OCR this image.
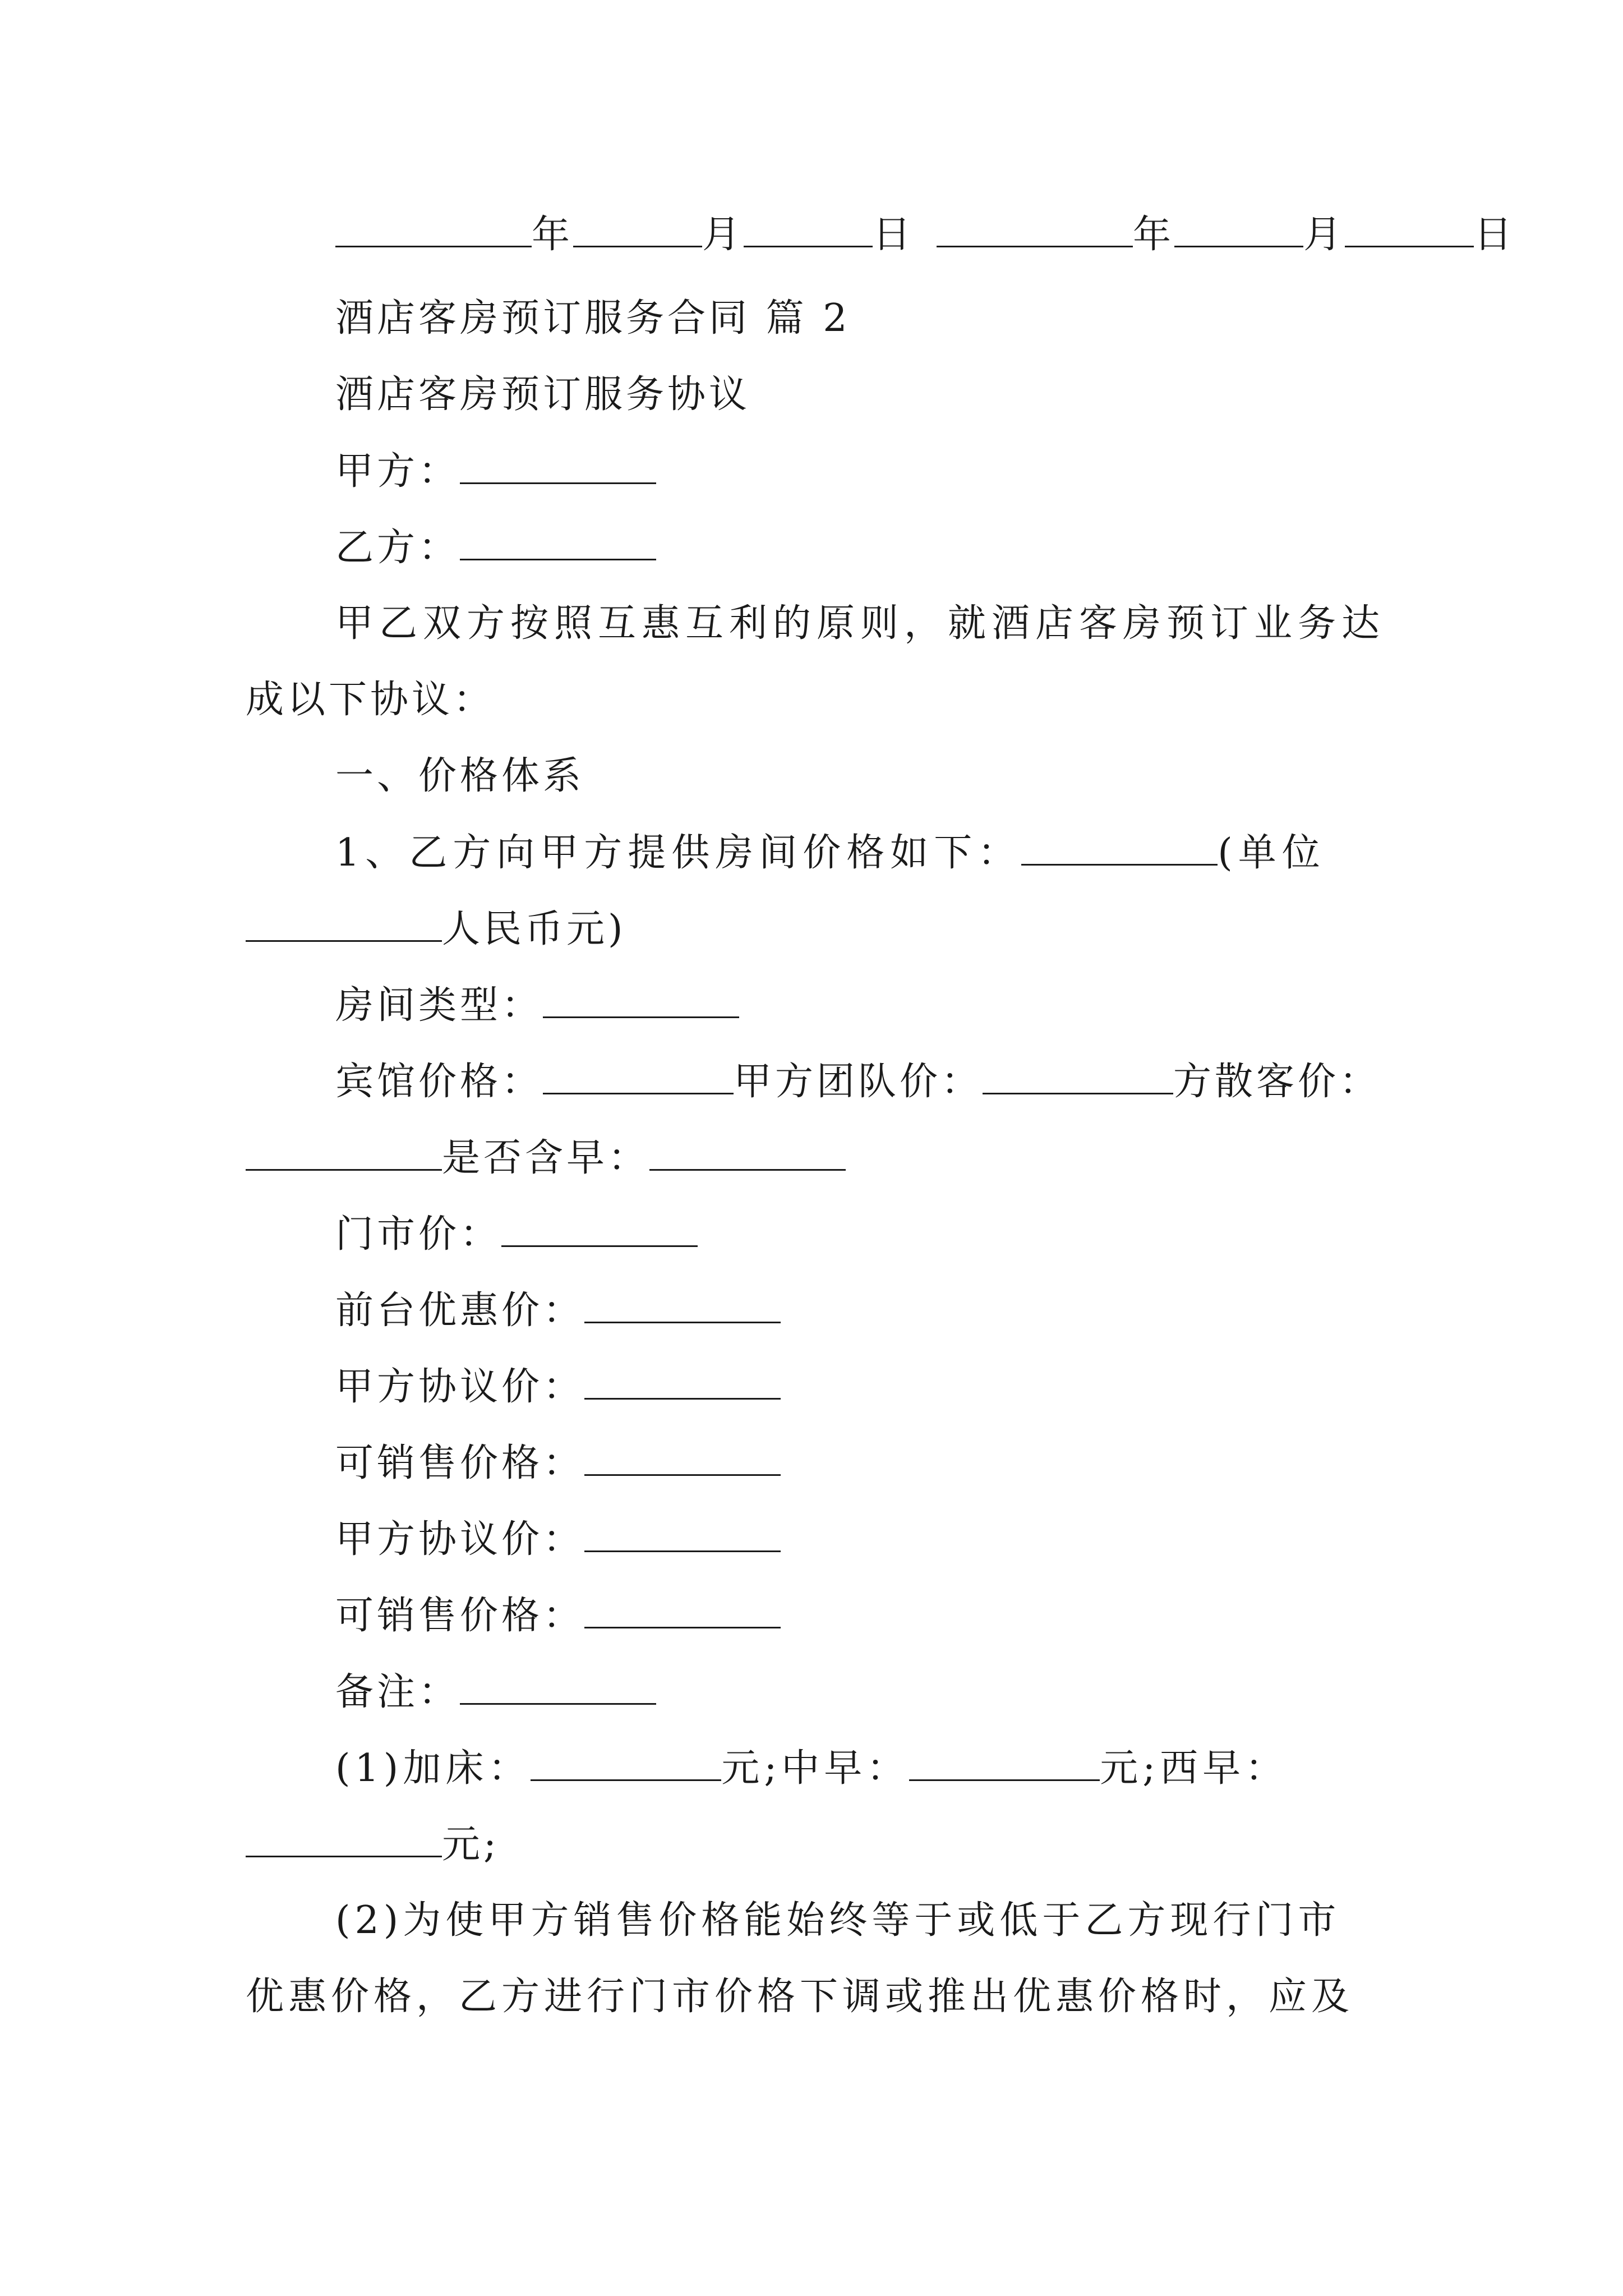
年	月	日	年	月	日
酒店客房预订服务合同 篇 2
酒店客房预订服务协议
甲方：
乙方：
甲乙双方按照互惠互利的原则，就酒店客房预订业务达
成以下协议：
一、价格体系
1、乙方向甲方提供房间价格如下：	(单位
人民币元)
房间类型：
宾馆价格：	甲方团队价：	方散客价：
是否含早：
门市价：
前台优惠价：
甲方协议价：
可销售价格：
甲方协议价：
可销售价格：
备注：
(1)加床：	元;中早：	元;西早：
元;
(2)为使甲方销售价格能始终等于或低于乙方现行门市
优惠价格，乙方进行门市价格下调或推出优惠价格时，应及
